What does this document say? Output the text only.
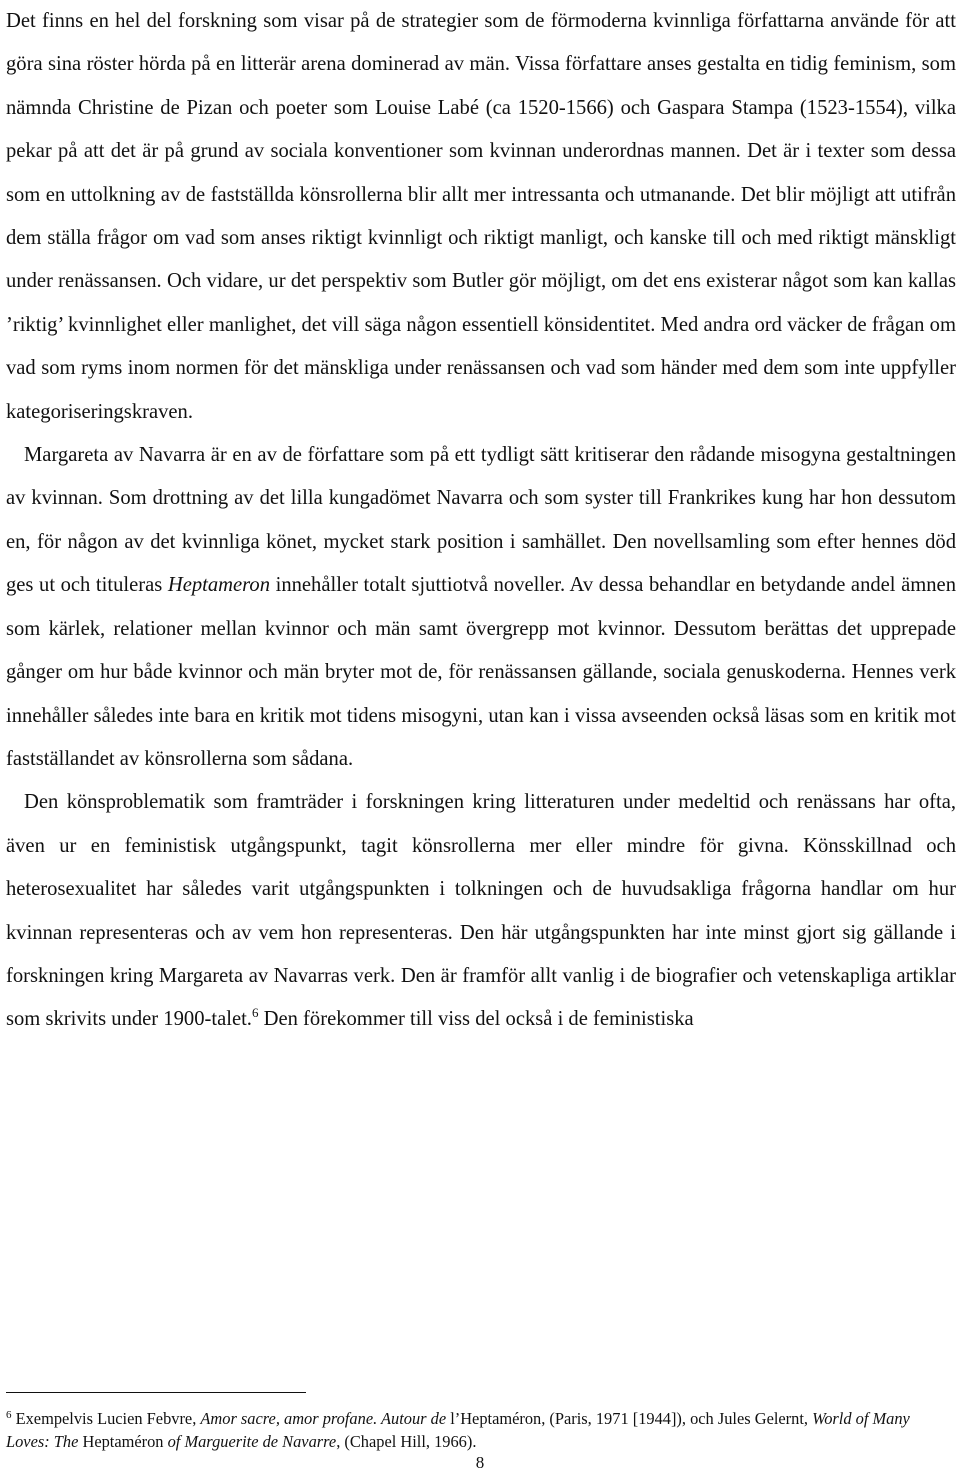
Det finns en hel del forskning som visar på de strategier som de förmoderna kvinnliga författarna använde för att göra sina röster hörda på en litterär arena dominerad av män. Vissa författare anses gestalta en tidig feminism, som nämnda Christine de Pizan och poeter som Louise Labé (ca 1520-1566) och Gaspara Stampa (1523-1554), vilka pekar på att det är på grund av sociala konventioner som kvinnan underordnas mannen. Det är i texter som dessa som en uttolkning av de fastställda könsrollerna blir allt mer intressanta och utmanande. Det blir möjligt att utifrån dem ställa frågor om vad som anses riktigt kvinnligt och riktigt manligt, och kanske till och med riktigt mänskligt under renässansen. Och vidare, ur det perspektiv som Butler gör möjligt, om det ens existerar något som kan kallas ’riktig’ kvinnlighet eller manlighet, det vill säga någon essentiell könsidentitet. Med andra ord väcker de frågan om vad som ryms inom normen för det mänskliga under renässansen och vad som händer med dem som inte uppfyller kategoriseringskraven.

Margareta av Navarra är en av de författare som på ett tydligt sätt kritiserar den rådande misogyna gestaltningen av kvinnan. Som drottning av det lilla kungadömet Navarra och som syster till Frankrikes kung har hon dessutom en, för någon av det kvinnliga könet, mycket stark position i samhället. Den novellsamling som efter hennes död ges ut och tituleras Heptameron innehåller totalt sjuttiotvå noveller. Av dessa behandlar en betydande andel ämnen som kärlek, relationer mellan kvinnor och män samt övergrepp mot kvinnor. Dessutom berättas det upprepade gånger om hur både kvinnor och män bryter mot de, för renässansen gällande, sociala genuskoderna. Hennes verk innehåller således inte bara en kritik mot tidens misogyni, utan kan i vissa avseenden också läsas som en kritik mot fastställandet av könsrollerna som sådana.

Den könsproblematik som framträder i forskningen kring litteraturen under medeltid och renässans har ofta, även ur en feministisk utgångspunkt, tagit könsrollerna mer eller mindre för givna. Könsskillnad och heterosexualitet har således varit utgångspunkten i tolkningen och de huvudsakliga frågorna handlar om hur kvinnan representeras och av vem hon representeras. Den här utgångspunkten har inte minst gjort sig gällande i forskningen kring Margareta av Navarras verk. Den är framför allt vanlig i de biografier och vetenskapliga artiklar som skrivits under 1900-talet.$^6$ Den förekommer till viss del också i de feministiska

$^6$ Exempelvis Lucien Febvre, Amor sacre, amor profane. Autour de l’Heptaméron, (Paris, 1971 [1944]), och Jules Gelernt, World of Many Loves: The Heptaméron of Marguerite de Navarre, (Chapel Hill, 1966).

8
